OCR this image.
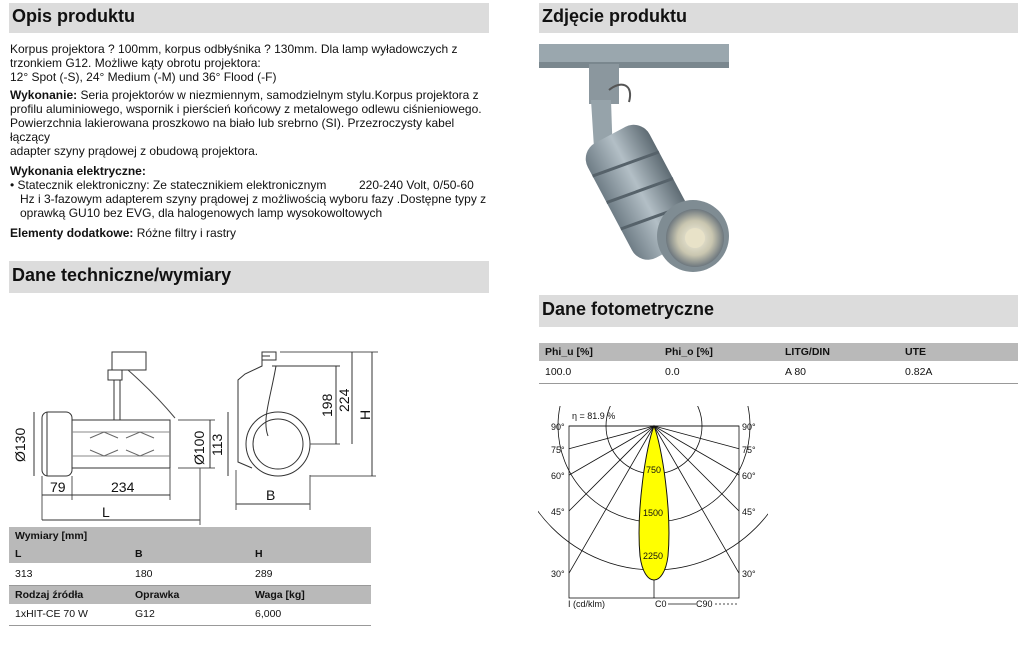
Opis produktu
Korpus projektora ? 100mm, korpus odbłyśnika ? 130mm. Dla lamp wyładowczych z
trzonkiem G12. Możliwe kąty obrotu projektora:
12° Spot (-S), 24° Medium (-M) und 36° Flood (-F)
Wykonanie: Seria projektorów w niezmiennym, samodzielnym stylu.Korpus projektora z
profilu aluminiowego, wspornik i pierścień końcowy z metalowego odlewu ciśnieniowego.
Powierzchnia lakierowana proszkowo na biało lub srebrno (SI). Przezroczysty kabel łączący
adapter szyny prądowej z obudową projektora.
Wykonania elektryczne:
• Statecznik elektroniczny: Ze statecznikiem elektronicznym	220-240 Volt, 0/50-60
Hz i 3-fazowym adapterem szyny prądowej z możliwością wyboru fazy .Dostępne typy z
oprawką GU10 bez EVG, dla halogenowych lamp wysokowoltowych
Elementy dodatkowe: Różne filtry i rastry
Dane techniczne/wymiary
Ø130	Ø100 113
198 224
H
79	234
L
B
Wymiary [mm]		
L	B	H
313	180	289
Rodzaj źródła	Oprawka	Waga [kg]
1xHIT-CE 70 W	G12	6,000
Zdjęcie produktu
Dane fotometryczne
Phi_u [%]	Phi_o [%]	LITG/DIN	UTE
100.0	0.0	A 80	0.82A
η = 81.9 %
90°
75°
60°
45°
30°
90°
75°
60°
45°
30°
750
1500
2250
I (cd/klm)	C0	C90
